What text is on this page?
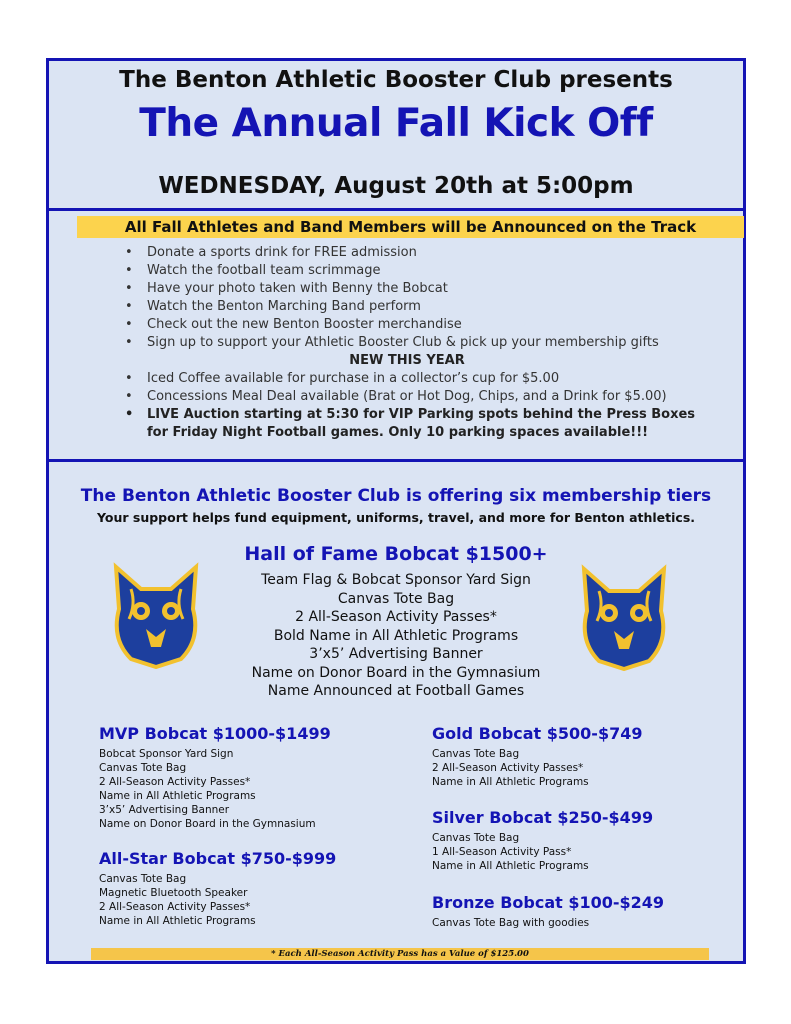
The Benton Athletic Booster Club presents
The Annual Fall Kick Off
WEDNESDAY, August 20th at 5:00pm
All Fall Athletes and Band Members will be Announced on the Track
• Donate a sports drink for FREE admission
• Watch the football team scrimmage
• Have your photo taken with Benny the Bobcat
• Watch the Benton Marching Band perform
• Check out the new Benton Booster merchandise
• Sign up to support your Athletic Booster Club & pick up your membership gifts
NEW THIS YEAR
• Iced Coffee available for purchase in a collector’s cup for $5.00
• Concessions Meal Deal available (Brat or Hot Dog, Chips, and a Drink for $5.00)
• LIVE Auction starting at 5:30 for VIP Parking spots behind the Press Boxes
for Friday Night Football games. Only 10 parking spaces available!!!
The Benton Athletic Booster Club is offering six membership tiers
Your support helps fund equipment, uniforms, travel, and more for Benton athletics.
Hall of Fame Bobcat $1500+
Team Flag & Bobcat Sponsor Yard Sign
Canvas Tote Bag
2 All-Season Activity Passes*
Bold Name in All Athletic Programs
3’x5’ Advertising Banner
Name on Donor Board in the Gymnasium
Name Announced at Football Games
MVP Bobcat $1000-$1499
Bobcat Sponsor Yard Sign
Canvas Tote Bag
2 All-Season Activity Passes*
Name in All Athletic Programs
3’x5’ Advertising Banner
Name on Donor Board in the Gymnasium
All-Star Bobcat $750-$999
Canvas Tote Bag
Magnetic Bluetooth Speaker
2 All-Season Activity Passes*
Name in All Athletic Programs
Gold Bobcat $500-$749
Canvas Tote Bag
2 All-Season Activity Passes*
Name in All Athletic Programs
Silver Bobcat $250-$499
Canvas Tote Bag
1 All-Season Activity Pass*
Name in All Athletic Programs
Bronze Bobcat $100-$249
Canvas Tote Bag with goodies
* Each All-Season Activity Pass has a Value of $125.00
